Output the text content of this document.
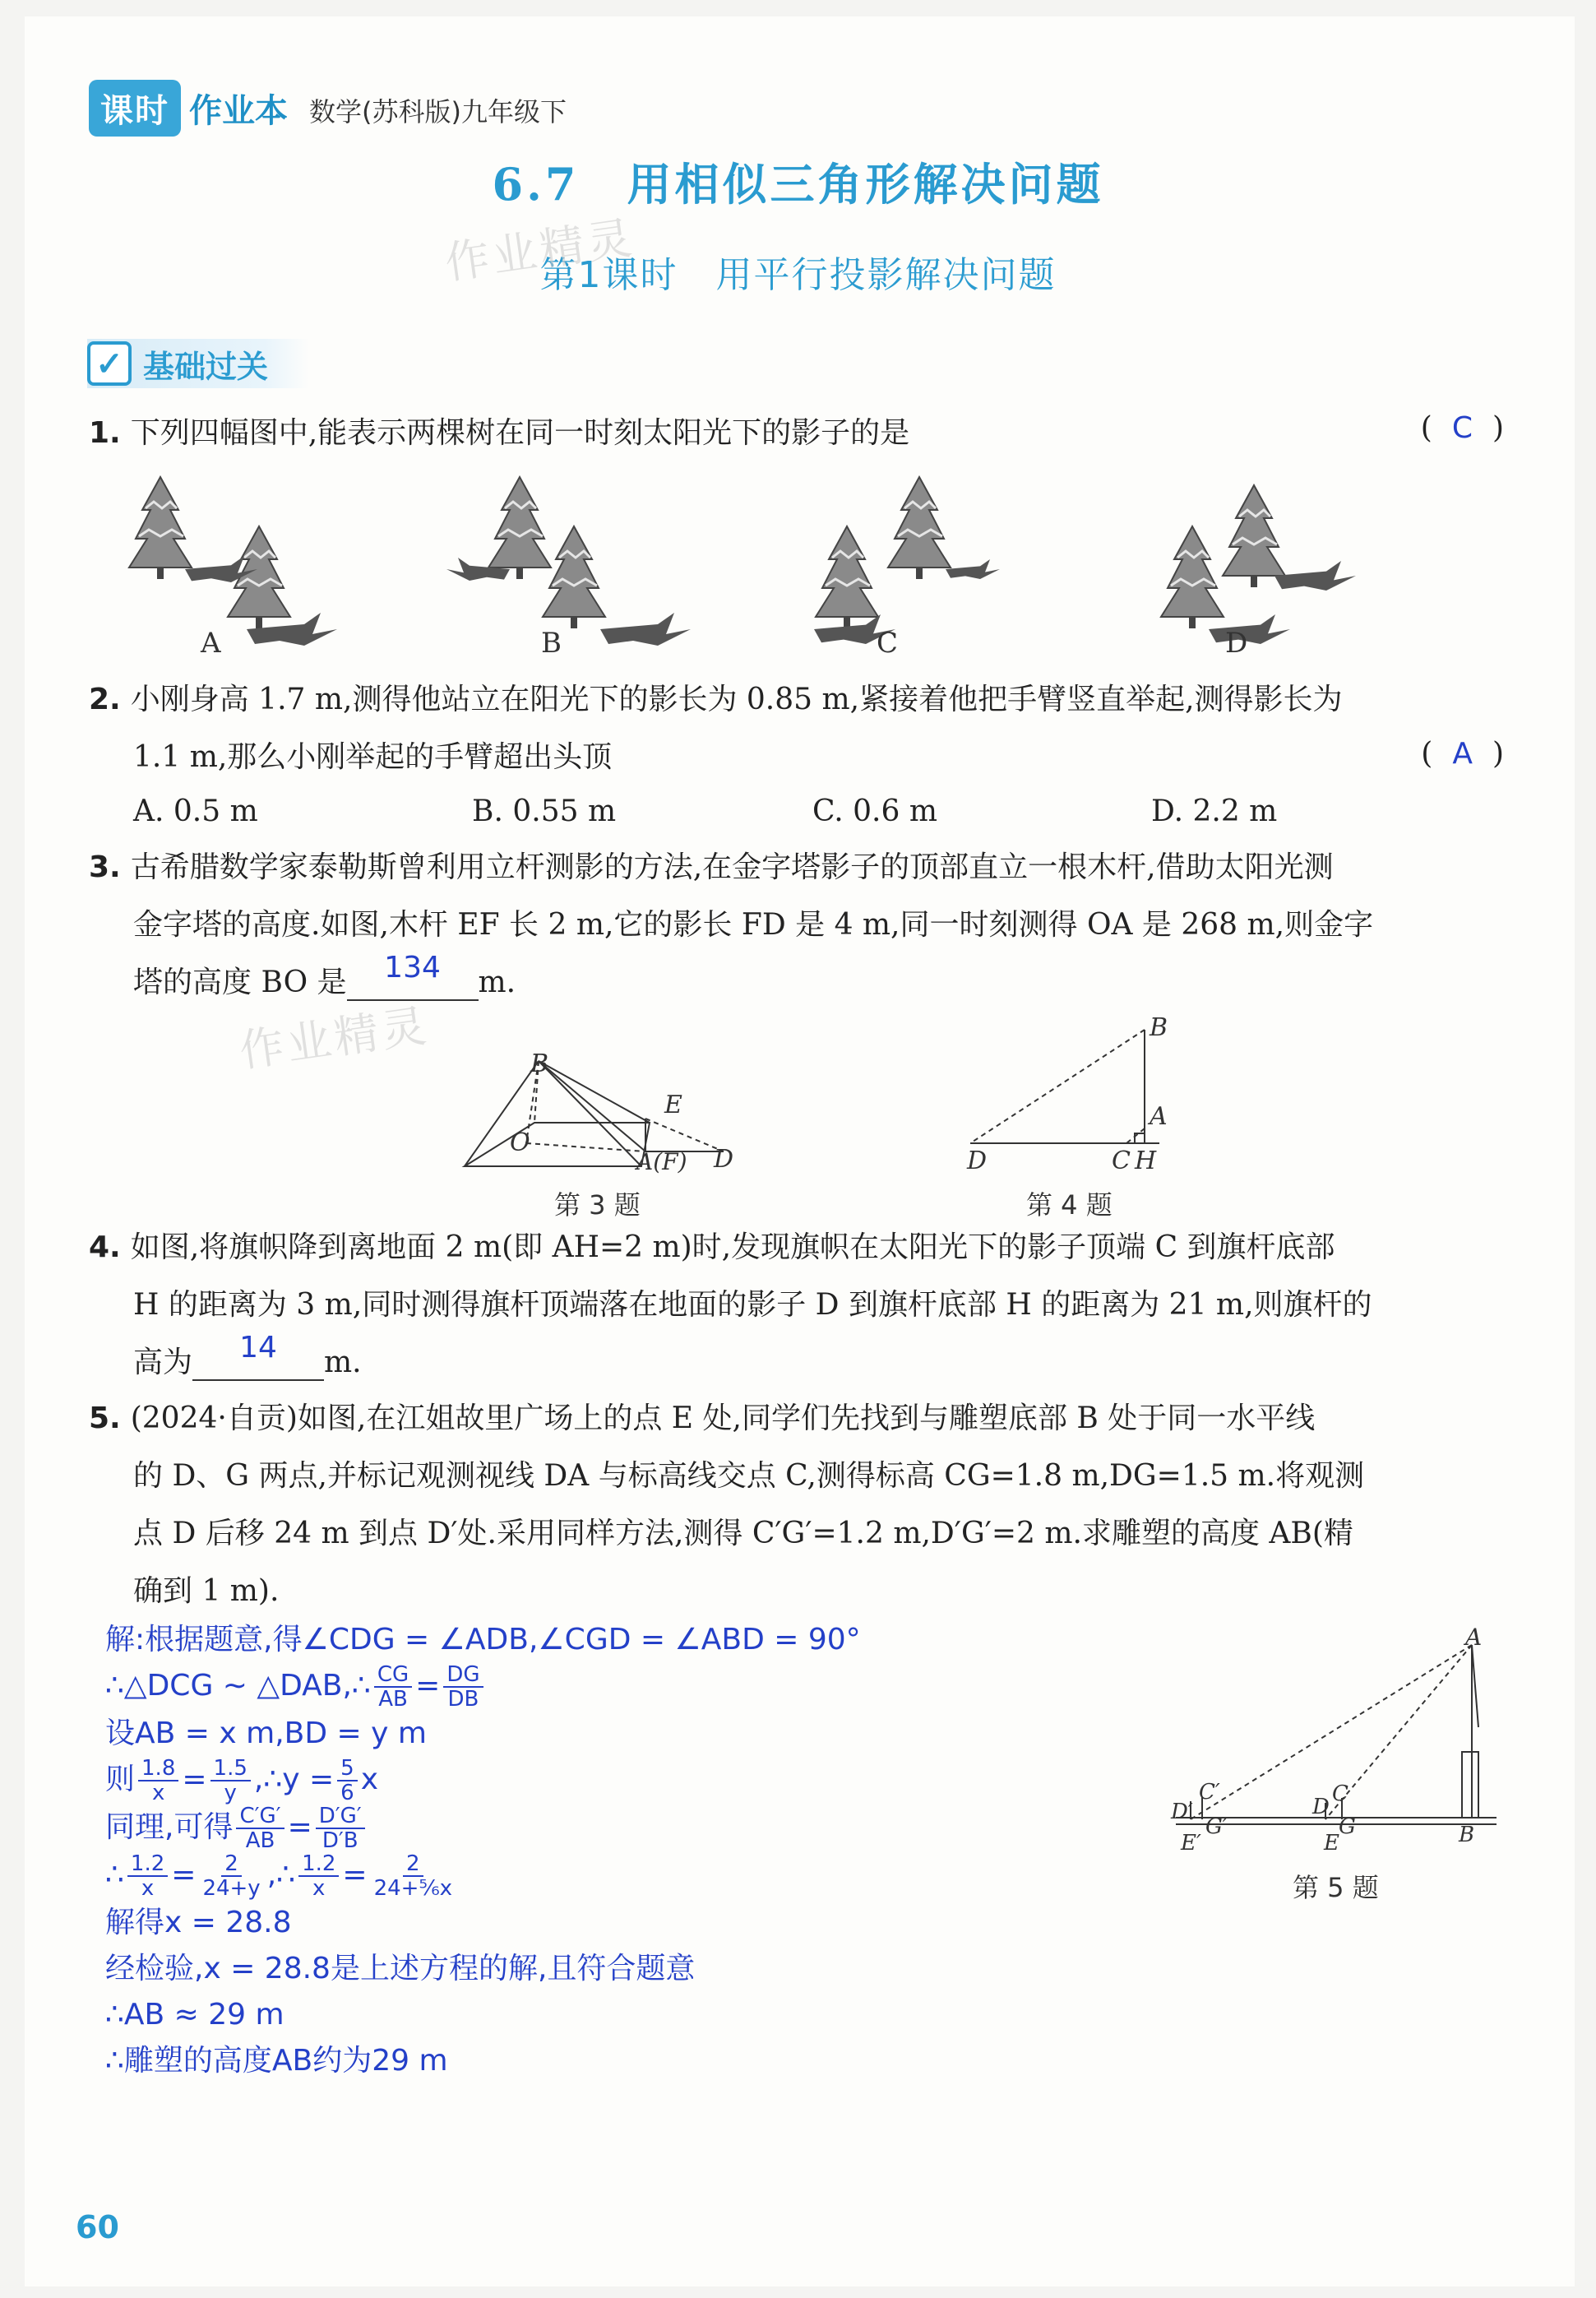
课时 作业本 数学(苏科版)九年级下
6.7　用相似三角形解决问题
第1课时　用平行投影解决问题
作业精灵
作业精灵
✓ 基础过关
1. 下列四幅图中,能表示两棵树在同一时刻太阳光下的影子的是	( C )
A	B	C	D
2. 小刚身高 1.7 m,测得他站立在阳光下的影长为 0.85 m,紧接着他把手臂竖直举起,测得影长为
1.1 m,那么小刚举起的手臂超出头顶	( A )
A. 0.5 m	B. 0.55 m	C. 0.6 m	D. 2.2 m
3. 古希腊数学家泰勒斯曾利用立杆测影的方法,在金字塔影子的顶部直立一根木杆,借助太阳光测
金字塔的高度.如图,木杆 EF 长 2 m,它的影长 FD 是 4 m,同一时刻测得 OA 是 268 m,则金字
塔的高度 BO 是 134 m.
B
E
O
A(F) D
第 3 题
B
A
D	C H
第 4 题
4. 如图,将旗帜降到离地面 2 m(即 AH=2 m)时,发现旗帜在太阳光下的影子顶端 C 到旗杆底部
H 的距离为 3 m,同时测得旗杆顶端落在地面的影子 D 到旗杆底部 H 的距离为 21 m,则旗杆的
高为 14 m.
5. (2024·自贡)如图,在江姐故里广场上的点 E 处,同学们先找到与雕塑底部 B 处于同一水平线
的 D、G 两点,并标记观测视线 DA 与标高线交点 C,测得标高 CG=1.8 m,DG=1.5 m.将观测
点 D 后移 24 m 到点 D′处.采用同样方法,测得 C′G′=1.2 m,D′G′=2 m.求雕塑的高度 AB(精
确到 1 m).
A
C′
D′
G′
E′
C
D
G
E	B
第 5 题
解:根据题意,得∠CDG = ∠ADB,∠CGD = ∠ABD = 90°
∴△DCG ∼ △DAB,∴ $\frac{CG}{AB} = \frac{DG}{DB}$
设AB = x m,BD = y m
则 $\frac{1.8}{x} = \frac{1.5}{y}$ ,∴y = $\frac{5}{6}$ x
同理,可得 $\frac{C'G'}{AB} = \frac{D'G'}{D'B}$
∴ $\frac{1.2}{x} = \frac{2}{24+y}$ ,∴ $\frac{1.2}{x} = \frac{2}{\text{24+⁵⁄₆x}}$
解得x = 28.8
经检验,x = 28.8是上述方程的解,且符合题意
∴AB ≈ 29 m
∴雕塑的高度AB约为29 m
60
